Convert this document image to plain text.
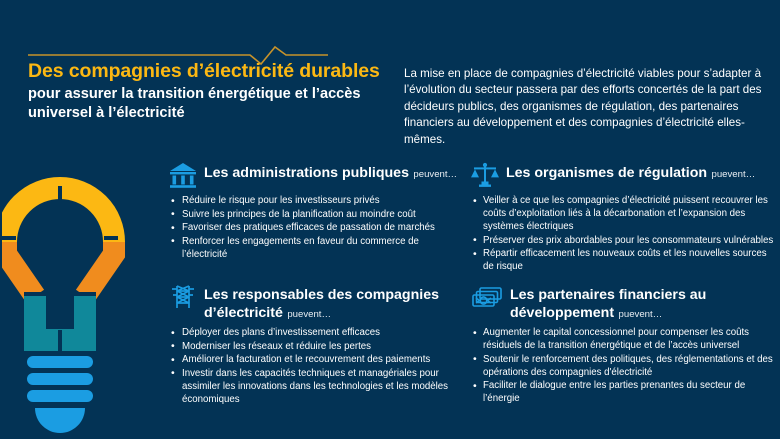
Des compagnies d’électricité durables
pour assurer la transition énergétique et l’accès universel à l’électricité
La mise en place de compagnies d’électricité viables pour s’adapter à l’évolution du secteur passera par des efforts concertés de la part des décideurs publics, des organismes de régulation, des partenaires financiers au développement et des compagnies d’électricité elles-mêmes.
Les administrations publiques peuvent…
• Réduire le risque pour les investisseurs privés
• Suivre les principes de la planification au moindre coût
• Favoriser des pratiques efficaces de passation de marchés
• Renforcer les engagements en faveur du commerce de l’électricité
Les organismes de régulation puevent…
• Veiller à ce que les compagnies d’électricité puissent recouvrer les coûts d’exploitation liés à la décarbonation et l’expansion des systèmes électriques
• Préserver des prix abordables pour les consommateurs vulnérables
• Répartir efficacement les nouveaux coûts et les nouvelles sources de risque
Les responsables des compagnies d’électricité puevent…
• Déployer des plans d’investissement efficaces
• Moderniser les réseaux et réduire les pertes
• Améliorer la facturation et le recouvrement des paiements
• Investir dans les capacités techniques et managériales pour assimiler les innovations dans les technologies et les modèles économiques
Les partenaires financiers au développement puevent…
• Augmenter le capital concessionnel pour compenser les coûts résiduels de la transition énergétique et de l’accès universel
• Soutenir le renforcement des politiques, des réglementations et des opérations des compagnies d'électricité
• Faciliter le dialogue entre les parties prenantes du secteur de l’énergie
